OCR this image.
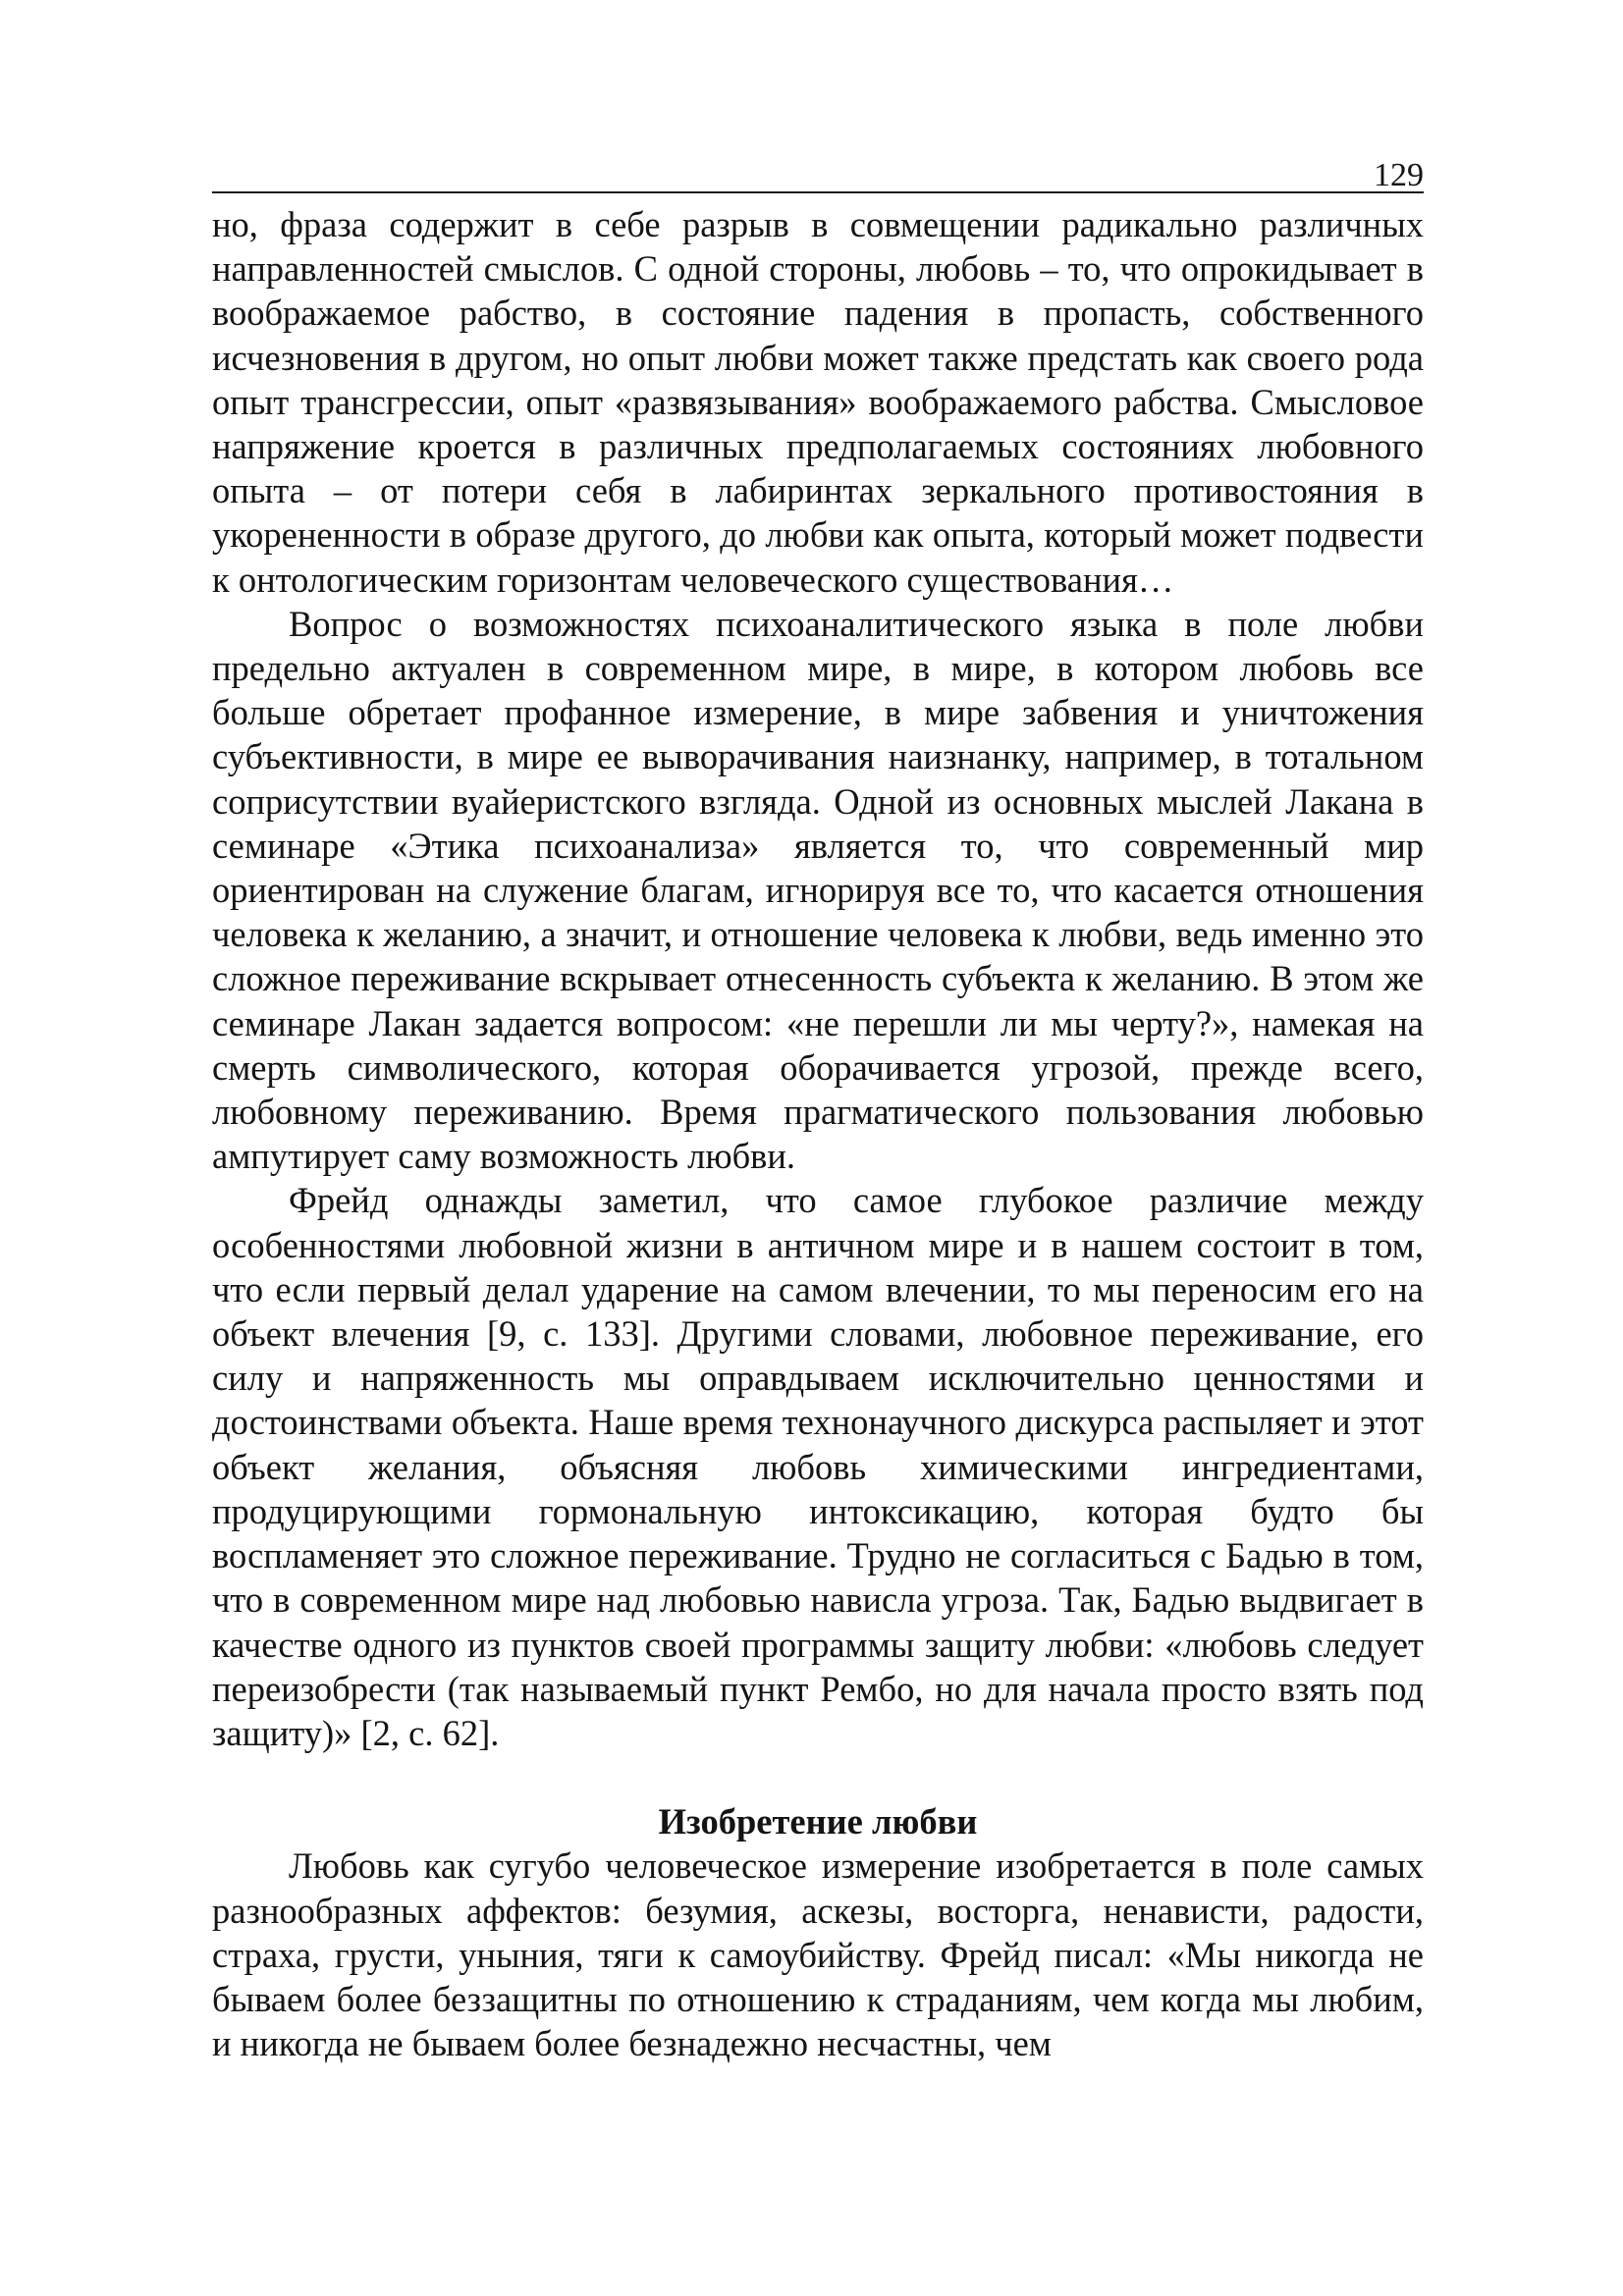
129

но, фраза содержит в себе разрыв в совмещении радикально различных направленностей смыслов. С одной стороны, любовь – то, что опрокидывает в воображаемое рабство, в состояние падения в пропасть, собственного исчезновения в другом, но опыт любви может также предстать как своего рода опыт трансгрессии, опыт «развязывания» воображаемого рабства. Смысловое напряжение кроется в различных предполагаемых состояниях любовного опыта – от потери себя в лабиринтах зеркального противостояния в укорененности в образе другого, до любви как опыта, который может подвести к онтологическим горизонтам человеческого существования…

Вопрос о возможностях психоаналитического языка в поле любви предельно актуален в современном мире, в мире, в котором любовь все больше обретает профанное измерение, в мире забвения и уничтожения субъективности, в мире ее выворачивания наизнанку, например, в тотальном соприсутствии вуайеристского взгляда. Одной из основных мыслей Лакана в семинаре «Этика психоанализа» является то, что современный мир ориентирован на служение благам, игнорируя все то, что касается отношения человека к желанию, а значит, и отношение человека к любви, ведь именно это сложное переживание вскрывает отнесенность субъекта к желанию. В этом же семинаре Лакан задается вопросом: «не перешли ли мы черту?», намекая на смерть символического, которая оборачивается угрозой, прежде всего, любовному переживанию. Время прагматического пользования любовью ампутирует саму возможность любви.

Фрейд однажды заметил, что самое глубокое различие между особенностями любовной жизни в античном мире и в нашем состоит в том, что если первый делал ударение на самом влечении, то мы переносим его на объект влечения [9, с. 133]. Другими словами, любовное переживание, его силу и напряженность мы оправдываем исключительно ценностями и достоинствами объекта. Наше время технонаучного дискурса распыляет и этот объект желания, объясняя любовь химическими ингредиентами, продуцирующими гормональную интоксикацию, которая будто бы воспламеняет это сложное переживание. Трудно не согласиться с Бадью в том, что в современном мире над любовью нависла угроза. Так, Бадью выдвигает в качестве одного из пунктов своей программы защиту любви: «любовь следует переизобрести (так называемый пункт Рембо, но для начала просто взять под защиту)» [2, с. 62].

Изобретение любви

Любовь как сугубо человеческое измерение изобретается в поле самых разнообразных аффектов: безумия, аскезы, восторга, ненависти, радости, страха, грусти, уныния, тяги к самоубийству. Фрейд писал: «Мы никогда не бываем более беззащитны по отношению к страданиям, чем когда мы любим, и никогда не бываем более безнадежно несчастны, чем
